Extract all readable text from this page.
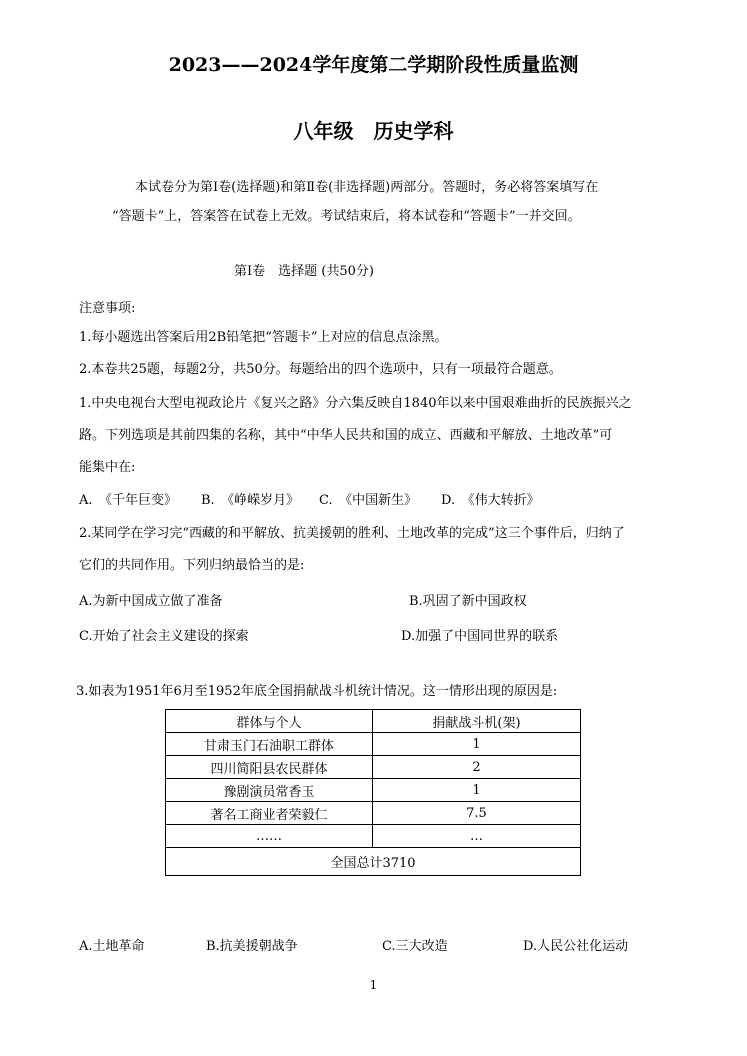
2023——2024学年度第二学期阶段性质量监测
八年级　历史学科
本试卷分为第Ⅰ卷(选择题)和第Ⅱ卷(非选择题)两部分。答题时，务必将答案填写在
“答题卡”上，答案答在试卷上无效。考试结束后，将本试卷和“答题卡”一并交回。
第Ⅰ卷　选择题 (共50分)
注意事项:
1.每小题选出答案后用2B铅笔把“答题卡”上对应的信息点涂黑。
2.本卷共25题，每题2分，共50分。每题给出的四个选项中，只有一项最符合题意。
1.中央电视台大型电视政论片《复兴之路》分六集反映自1840年以来中国艰难曲折的民族振兴之
路。下列选项是其前四集的名称，其中“中华人民共和国的成立、西藏和平解放、土地改革”可
能集中在:
A.　《千年巨变》 B.　《峥嵘岁月》 C.　《中国新生》 D.　《伟大转折》
2.某同学在学习完“西藏的和平解放、抗美援朝的胜利、土地改革的完成”这三个事件后，归纳了
它们的共同作用。下列归纳最恰当的是:
A.为新中国成立做了准备	B.巩固了新中国政权
C.开始了社会主义建设的探索	D.加强了中国同世界的联系
3.如表为1951年6月至1952年底全国捐献战斗机统计情况。这一情形出现的原因是:
群体与个人	捐献战斗机(架)
甘肃玉门石油职工群体	1
四川简阳县农民群体	2
豫剧演员常香玉	1
著名工商业者荣毅仁	7.5
……	…
全国总计3710	
A.土地革命	B.抗美援朝战争	C.三大改造	D.人民公社化运动
1
